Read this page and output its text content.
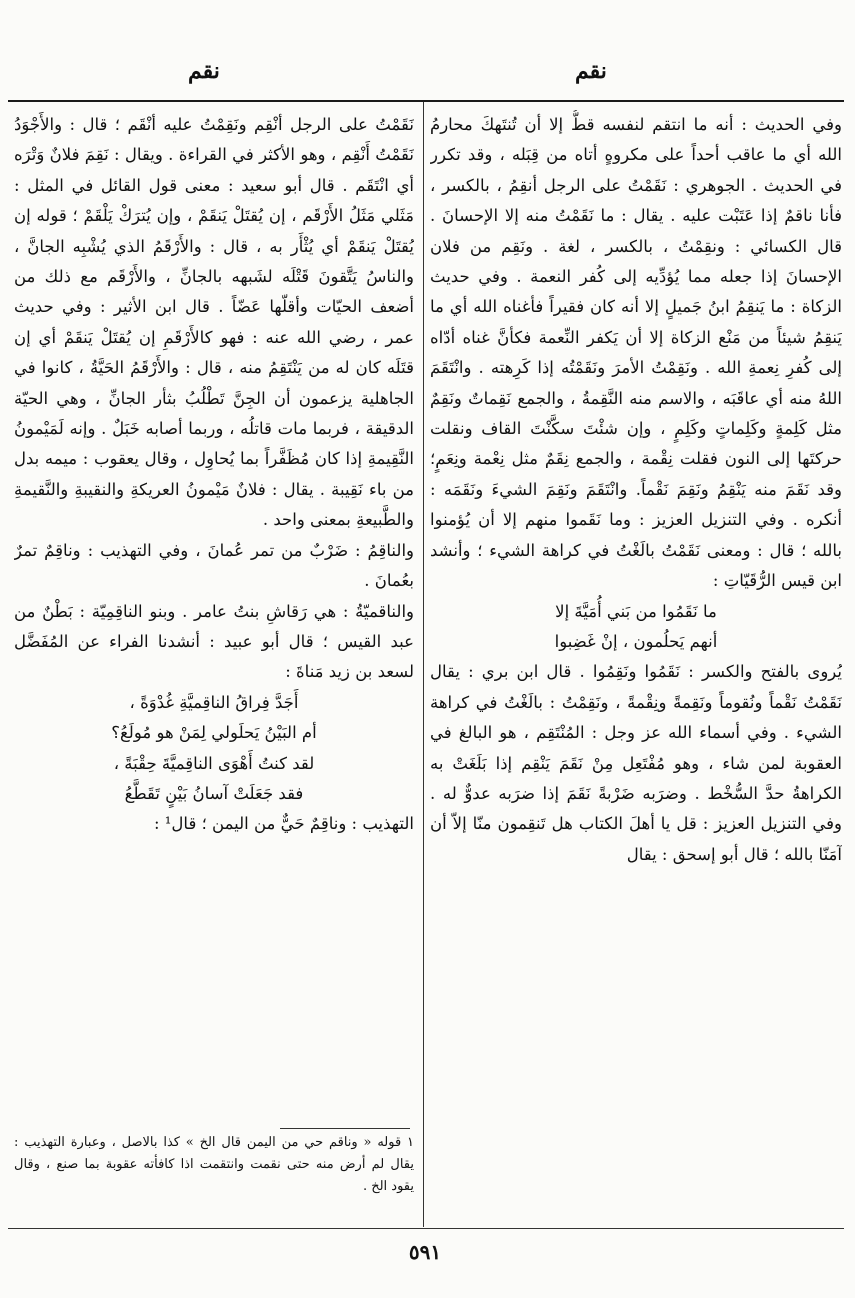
نقم
نقم

وفي الحديث : أنه ما انتقم لنفسه قطُّ إلا أن تُنتَهكَ محارمُ الله أي ما عاقب أحداً على مكروهٍ أتاه من قِبَله ، وقد تكرر في الحديث . الجوهري : نَقَمْتُ على الرجل أنقِمُ ، بالكسر ، فأنا ناقمٌ إذا عَتَبْت عليه . يقال : ما نَقَمْتُ منه إلا الإحسانَ . قال الكسائي : ونقِمْتُ ، بالكسر ، لغة . ونَقِم من فلان الإحسانَ إذا جعله مما يُؤدِّيه إلى كُفر النعمة . وفي حديث الزكاة : ما يَنقِمُ ابنُ جَميلٍ إلا أنه كان فقيراً فأغناه الله أي ما يَنقِمُ شيئاً من مَنْع الزكاة إلا أن يَكفر النِّعمة فكأنَّ غناه أدّاه إلى كُفرِ نِعمةِ الله . ونَقِمْتُ الأمرَ ونَقَمْتُه إذا كَرِهته . وانْتَقَمَ اللهُ منه أي عاقَبَه ، والاسم منه النَّقِمةُ ، والجمع نَقِماتٌ ونَقِمٌ مثل كَلِمةٍ وكَلِماتٍ وكَلِمٍ ، وإن شئْتَ سكَّنْتَ القاف ونقلت حركتَها إلى النون فقلت نِقْمة ، والجمع نِقَمٌ مثل نِعْمة ونِعَمٍ؛ وقد نَقَمَ منه يَنْقِمُ ونَقِمَ نَقْماً. وانْتَقَمَ ونَقِمَ الشيءَ ونَقَمَه : أنكره . وفي التنزيل العزيز : وما نَقَموا منهم إلا أن يُؤمنوا بالله ؛ قال : ومعنى نَقَمْتُ بالَغْتُ في كراهة الشيء ؛ وأنشد ابن قيس الرُّقَيّاتِ :

ما نَقَمُوا من بَني أُمَيَّةَ إلا

أنهم يَحلُمون ، إنْ غَضِبوا

يُروى بالفتح والكسر : نَقَمُوا ونَقِمُوا . قال ابن بري : يقال نَقَمْتُ نَقْماً ونُقوماً ونَقِمةً ونِقْمةً ، ونَقِمْتُ : بالَغْتُ في كراهة الشيء . وفي أسماء الله عز وجل : المُنْتَقِم ، هو البالغ في العقوبة لمن شاء ، وهو مُفْتَعِل مِنْ نَقَمَ يَنْقِم إذا بَلَغَتْ به الكراهةُ حدَّ السُّخْط . وضرَبه ضَرْبةً نَقَمَ إذا ضرَبه عدوٌّ له . وفي التنزيل العزيز : قل يا أهلَ الكتاب هل تَنقِمون منّا إلاّ أن آمَنّا بالله ؛ قال أبو إسحق : يقال

نَقَمْتُ على الرجل أنْقِم ونَقِمْتُ عليه أنْقَم ؛ قال : والأَجْوَدُ نَقَمْتُ أَنْقِم ، وهو الأكثر في القراءة . ويقال : نَقِمَ فلانٌ وَتْرَه أي انْتَقَم . قال أبو سعيد : معنى قول القائل في المثل : مَثَلي مَثَلُ الأَرْقَم ، إن يُقتَلْ يَنقَمْ ، وإن يُترَكْ يَلْقَمْ ؛ قوله إن يُقتَلْ يَنقَمْ أي يُثْأَر به ، قال : والأَرْقَمُ الذي يُشْبِه الجانَّ ، والناسُ يَتَّقونَ قَتْلَه لشَبهه بالجانِّ ، والأَرْقَم مع ذلك من أضعف الحيّات وأقلّها عَضّاً . قال ابن الأثير : وفي حديث عمر ، رضي الله عنه : فهو كالأَرْقَمِ إن يُقتَلْ يَنقَمْ أي إن قتَلَه كان له من يَنْتَقِمُ منه ، قال : والأَرْقَمُ الحَيَّةُ ، كانوا في الجاهلية يزعمون أن الجِنَّ تَطْلُبُ بثأر الجانِّ ، وهي الحيّة الدقيقة ، فربما مات قاتلُه ، وربما أصابه خَبَلٌ . وإنه لَمَيْمونُ النَّقِيمةِ إذا كان مُظَفَّراً بما يُحاوِل ، وقال يعقوب : ميمه بدل من باء نَقِيبة . يقال : فلانٌ مَيْمونُ العريكةِ والنقيبةِ والنَّقيمةِ والطَّبيعةِ بمعنى واحد .

والناقِمُ : ضَرْبٌ من تمر عُمانَ ، وفي التهذيب : وناقِمٌ تمرٌ بعُمانَ .

والناقميّةُ : هي رَقاشِ بنتُ عامر . وبنو الناقِمِيّة : بَطْنٌ من عبد القيس ؛ قال أبو عبيد : أنشدنا الفراء عن المُفَضَّل لسعد بن زيد مَناةَ :

أَجَدَّ فِراقُ الناقِميَّةِ غُدْوَةً ،

أم البَيْنُ يَحلَولي لِمَنْ هو مُولَعُ؟

لقد كنتُ أَهْوَى الناقِميَّةَ حِقْبَةً ،

فقد جَعَلَتْ آسانُ بَيْنٍ تَقَطَّعُ

التهذيب : وناقِمٌ حَيٌّ من اليمن ؛ قال¹ :

١ قوله « وناقم حي من اليمن قال الخ » كذا بالاصل ، وعبارة التهذيب : يقال لم أرض منه حتى نقمت وانتقمت اذا كافأته عقوبة بما صنع ، وقال يقود الخ .
٥٩١
